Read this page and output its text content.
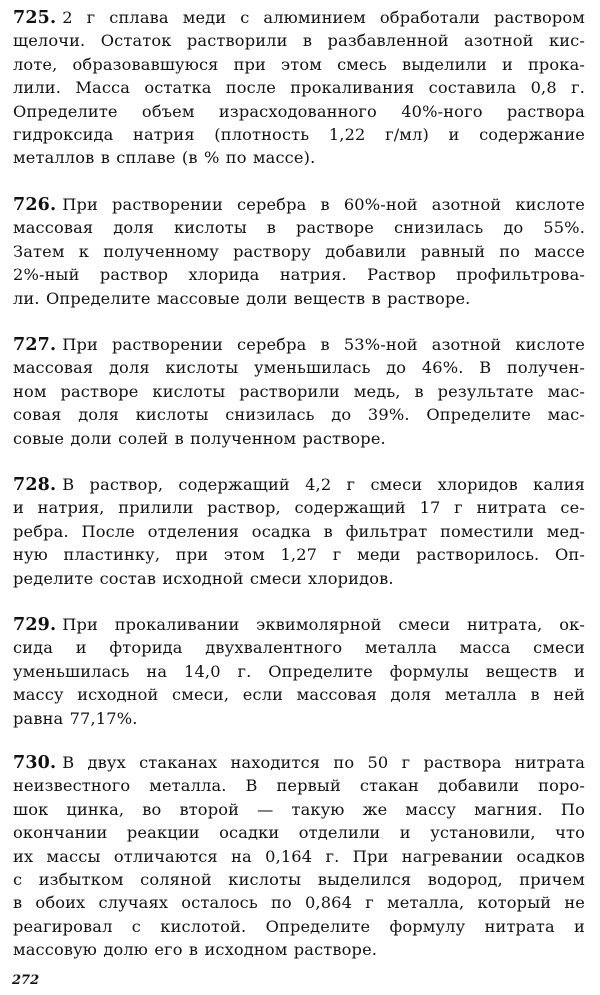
725. 2 г сплава меди с алюминием обработали раствором
щелочи. Остаток растворили в разбавленной азотной кис-
лоте, образовавшуюся при этом смесь выделили и прока-
лили. Масса остатка после прокаливания составила 0,8 г.
Определите объем израсходованного 40%-ного раствора
гидроксида натрия (плотность 1,22 г/мл) и содержание
металлов в сплаве (в % по массе).
726. При растворении серебра в 60%-ной азотной кислоте
массовая доля кислоты в растворе снизилась до 55%.
Затем к полученному раствору добавили равный по массе
2%-ный раствор хлорида натрия. Раствор профильтрова-
ли. Определите массовые доли веществ в растворе.
727. При растворении серебра в 53%-ной азотной кислоте
массовая доля кислоты уменьшилась до 46%. В получен-
ном растворе кислоты растворили медь, в результате мас-
совая доля кислоты снизилась до 39%. Определите мас-
совые доли солей в полученном растворе.
728. В раствор, содержащий 4,2 г смеси хлоридов калия
и натрия, прилили раствор, содержащий 17 г нитрата се-
ребра. После отделения осадка в фильтрат поместили мед-
ную пластинку, при этом 1,27 г меди растворилось. Оп-
ределите состав исходной смеси хлоридов.
729. При прокаливании эквимолярной смеси нитрата, ок-
сида и фторида двухвалентного металла масса смеси
уменьшилась на 14,0 г. Определите формулы веществ и
массу исходной смеси, если массовая доля металла в ней
равна 77,17%.
730. В двух стаканах находится по 50 г раствора нитрата
неизвестного металла. В первый стакан добавили поро-
шок цинка, во второй — такую же массу магния. По
окончании реакции осадки отделили и установили, что
их массы отличаются на 0,164 г. При нагревании осадков
с избытком соляной кислоты выделился водород, причем
в обоих случаях осталось по 0,864 г металла, который не
реагировал с кислотой. Определите формулу нитрата и
массовую долю его в исходном растворе.
272
